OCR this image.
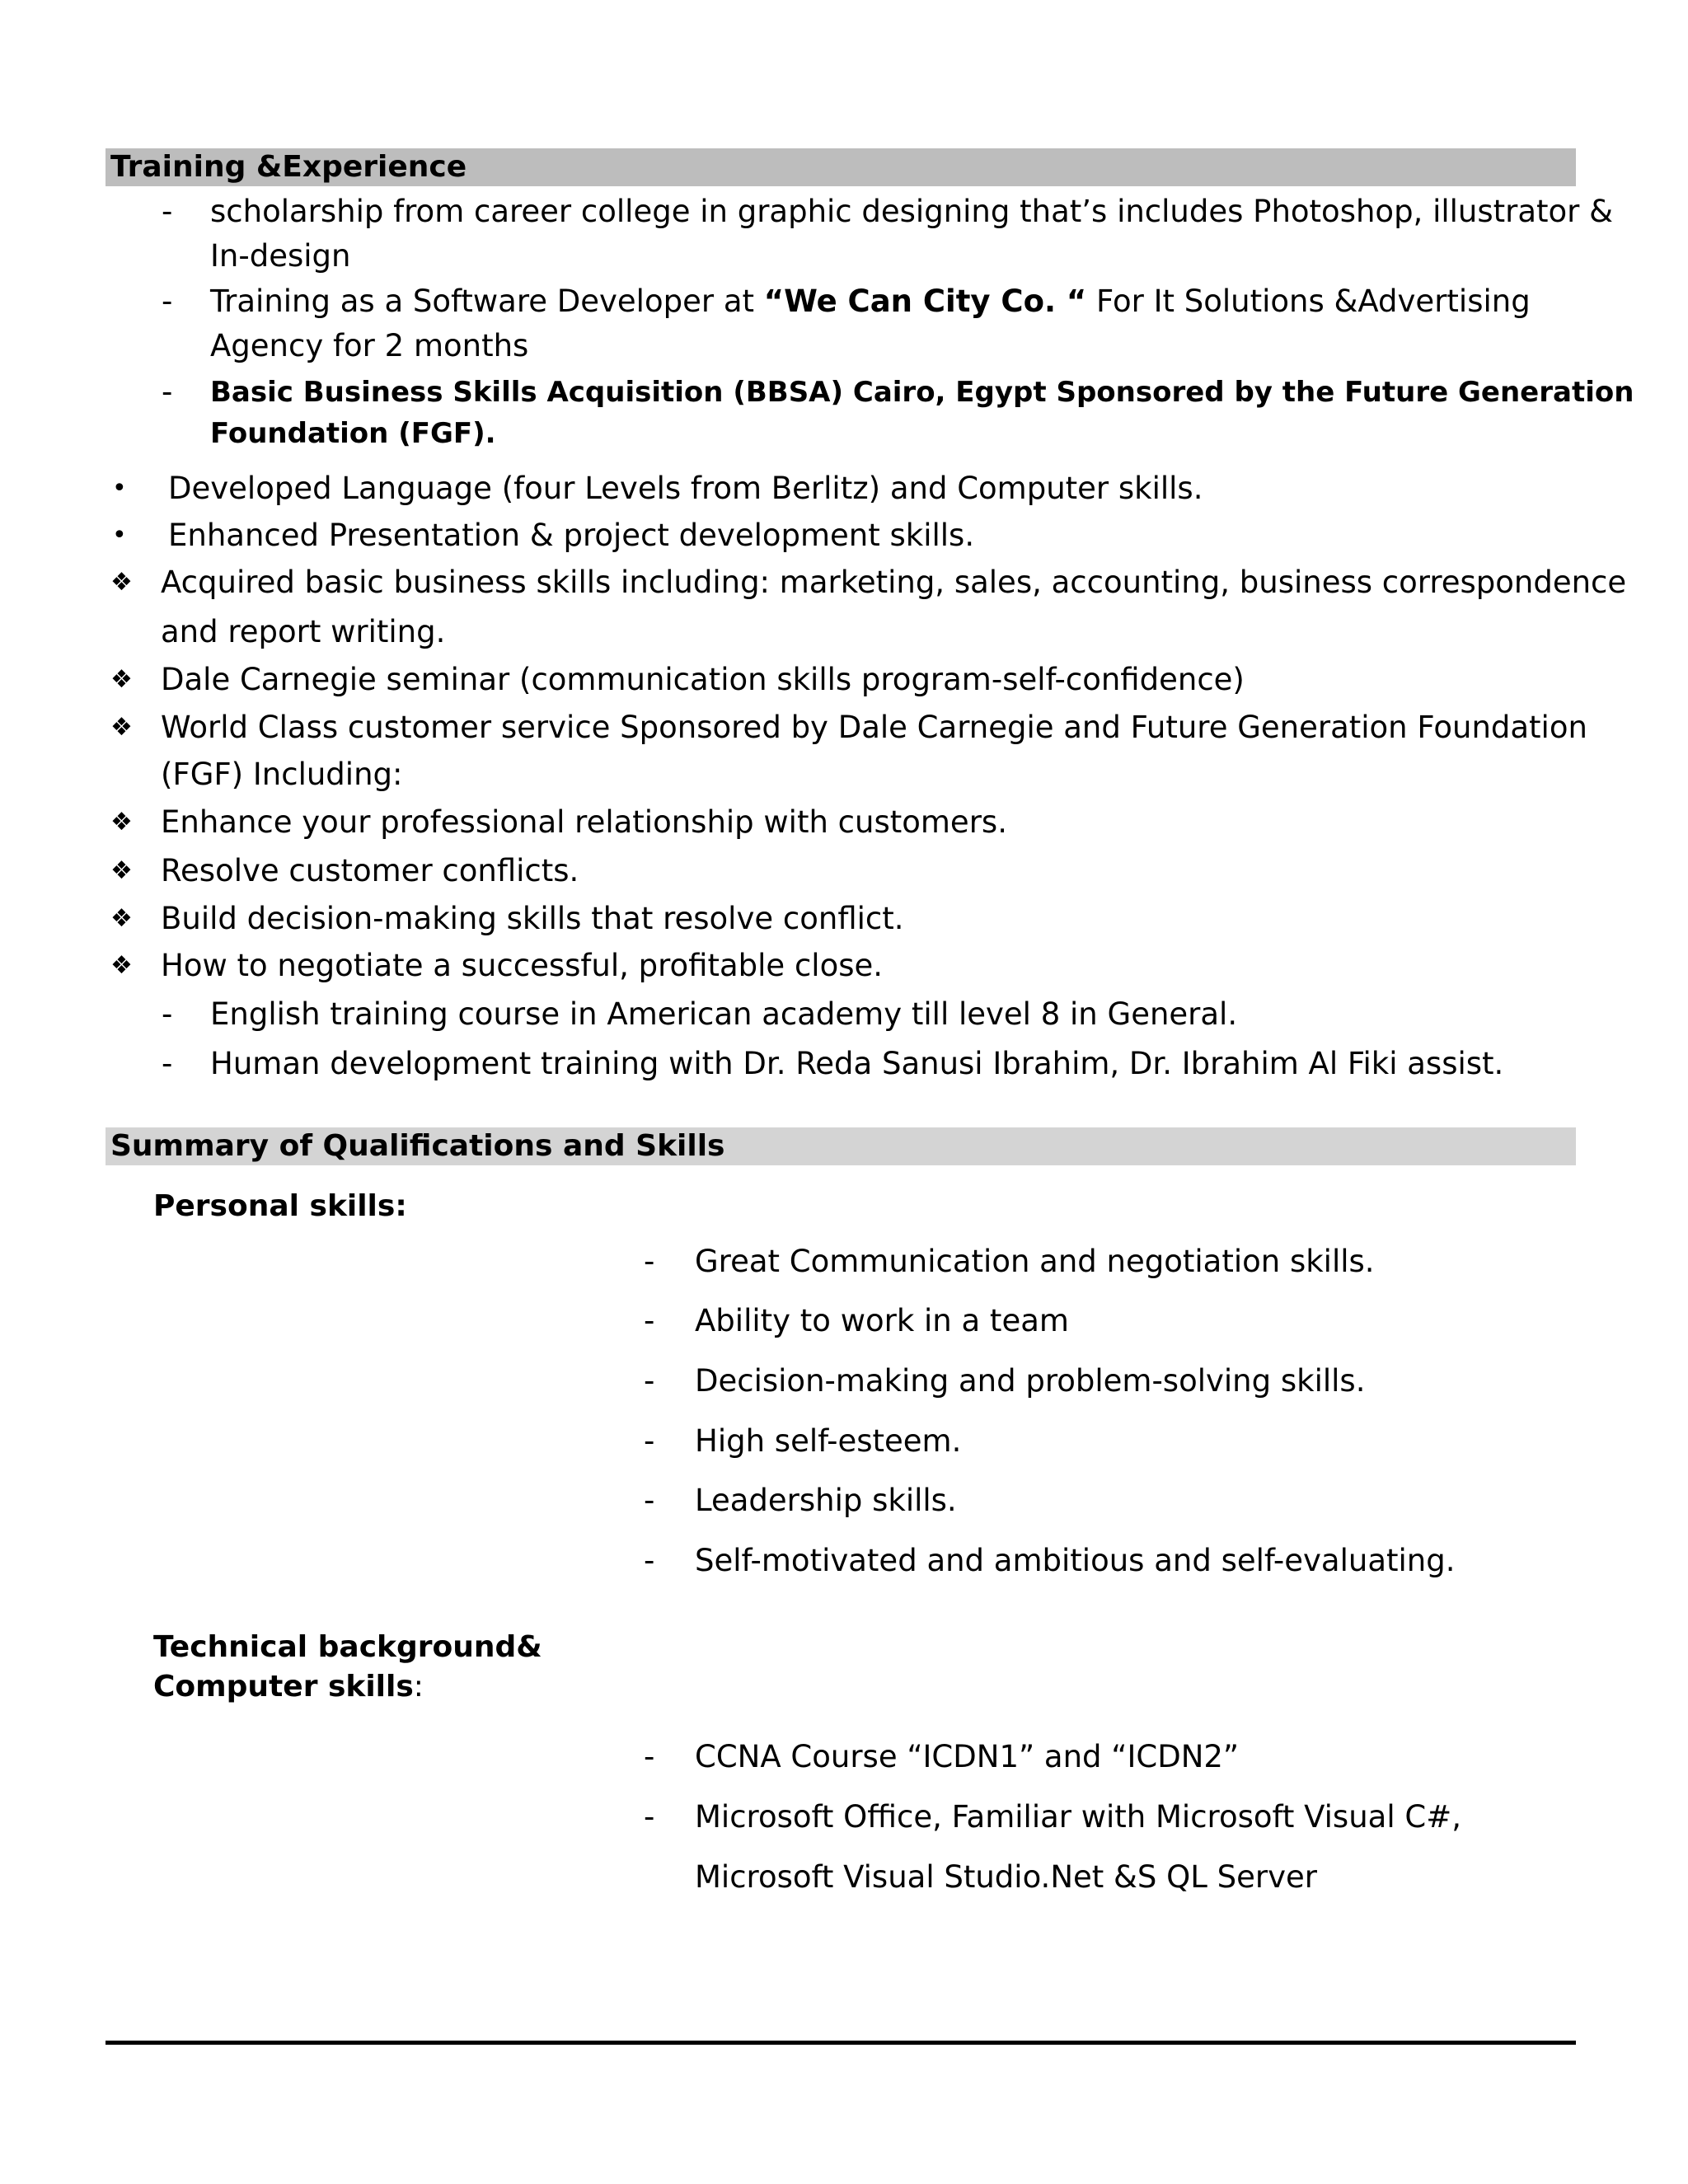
Training &Experience
- scholarship from career college in graphic designing that’s includes Photoshop, illustrator &
In-design
- Training as a Software Developer at “We Can City Co. “ For It Solutions &Advertising
Agency for 2 months
- Basic Business Skills Acquisition (BBSA) Cairo, Egypt Sponsored by the Future Generation
Foundation (FGF).
• Developed Language (four Levels from Berlitz) and Computer skills.
• Enhanced Presentation & project development skills.
❖ Acquired basic business skills including: marketing, sales, accounting, business correspondence
and report writing.
❖ Dale Carnegie seminar (communication skills program-self-confidence)
❖ World Class customer service Sponsored by Dale Carnegie and Future Generation Foundation
(FGF) Including:
❖ Enhance your professional relationship with customers.
❖ Resolve customer conflicts.
❖ Build decision-making skills that resolve conflict.
❖ How to negotiate a successful, profitable close.
- English training course in American academy till level 8 in General.
- Human development training with Dr. Reda Sanusi Ibrahim, Dr. Ibrahim Al Fiki assist.
Summary of Qualifications and Skills
Personal skills:
- Great Communication and negotiation skills.
- Ability to work in a team
- Decision-making and problem-solving skills.
- High self-esteem.
- Leadership skills.
- Self-motivated and ambitious and self-evaluating.
Technical background&
Computer skills:
- CCNA Course “ICDN1” and “ICDN2”
- Microsoft Office, Familiar with Microsoft Visual C#,
Microsoft Visual Studio.Net &S QL Server
